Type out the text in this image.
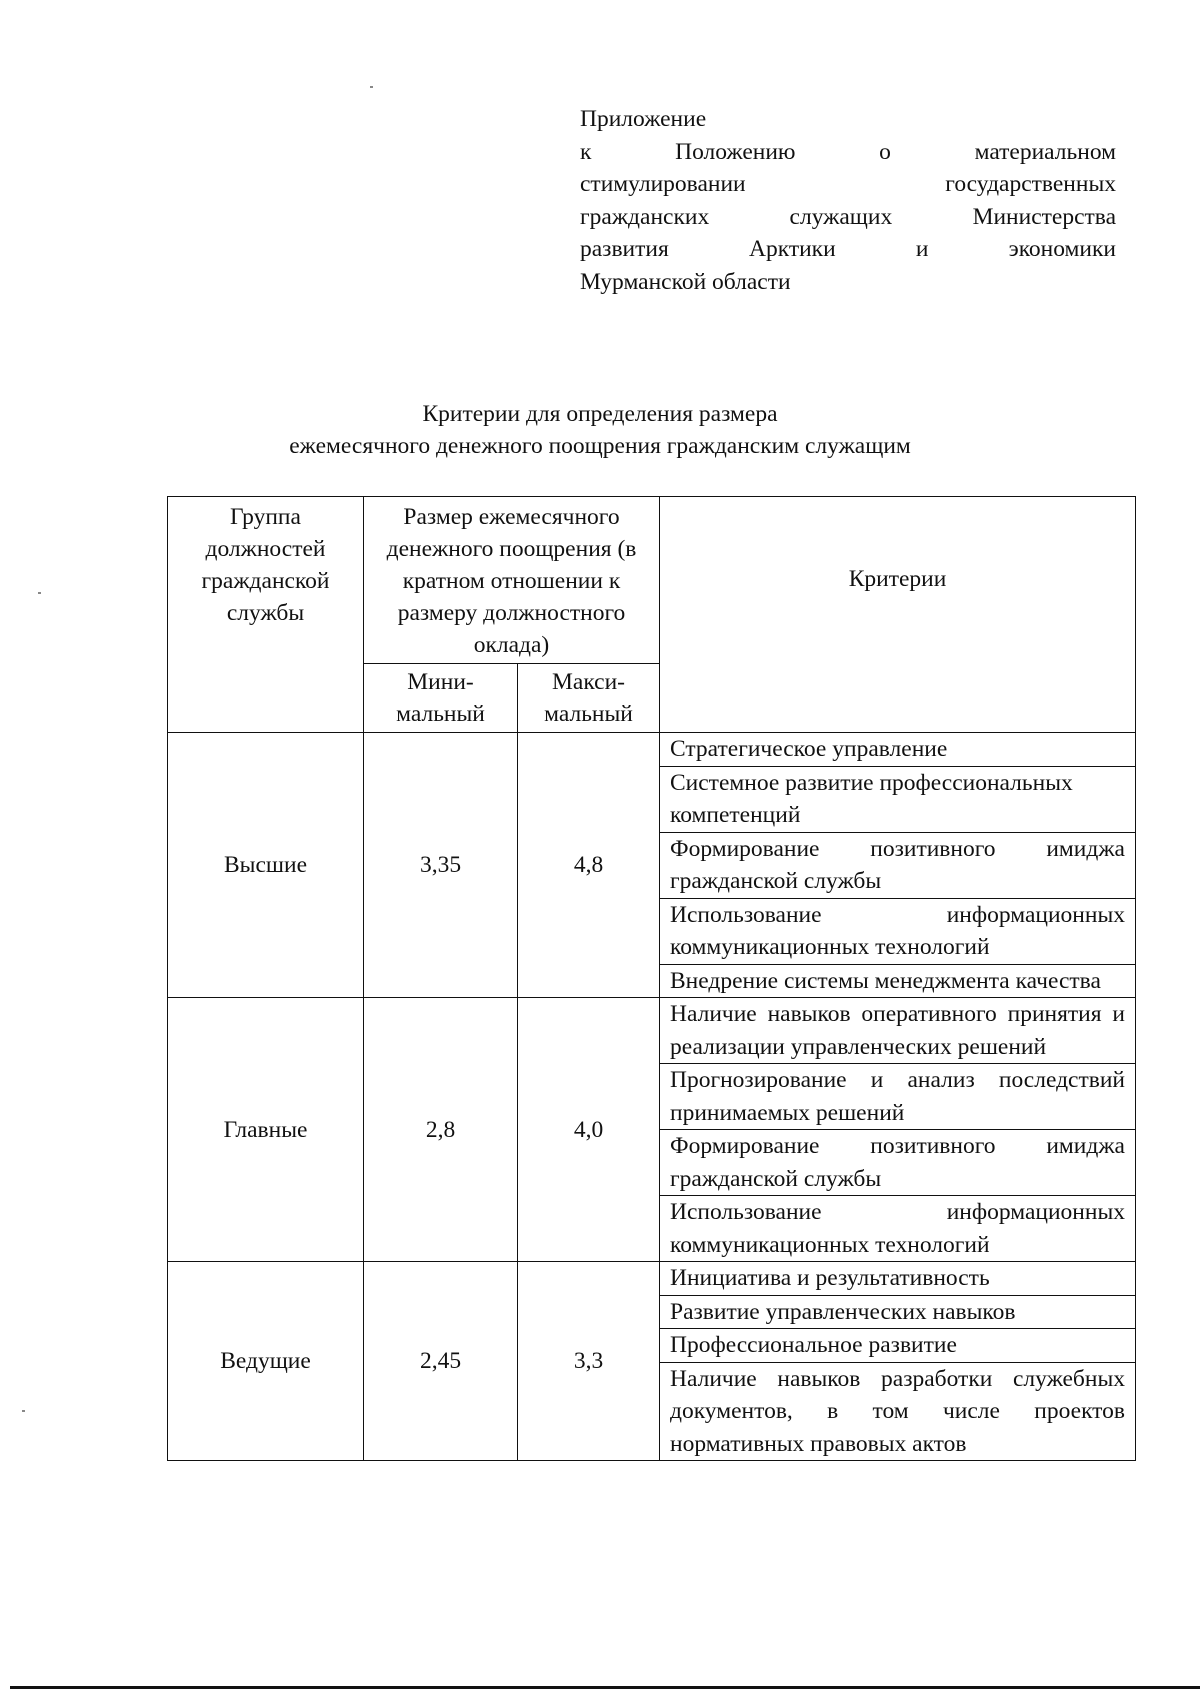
Приложение
к	Положению	о	материальном
стимулировании	государственных
гражданских	служащих	Министерства
развития	Арктики	и	экономики
Мурманской области
Критерии для определения размера
ежемесячного денежного поощрения гражданским служащим
Группа должностей гражданской службы	Размер ежемесячного денежного поощрения (в кратном отношении к размеру должностного оклада)		Критерии
	Мини-мальный	Макси-мальный	
Высшие	3,35	4,8	Стратегическое управление
Системное развитие профессиональных компетенций
Формирование позитивного имиджа гражданской службы
Использование информационных коммуникационных технологий
Внедрение системы менеджмента качества

Главные	2,8	4,0	Наличие навыков оперативного принятия и реализации управленческих решений
Прогнозирование и анализ последствий принимаемых решений
Формирование позитивного имиджа гражданской службы
Использование информационных коммуникационных технологий

Ведущие	2,45	3,3	Инициатива и результативность
Развитие управленческих навыков
Профессиональное развитие
Наличие навыков разработки служебных документов, в том числе проектов нормативных правовых актов
